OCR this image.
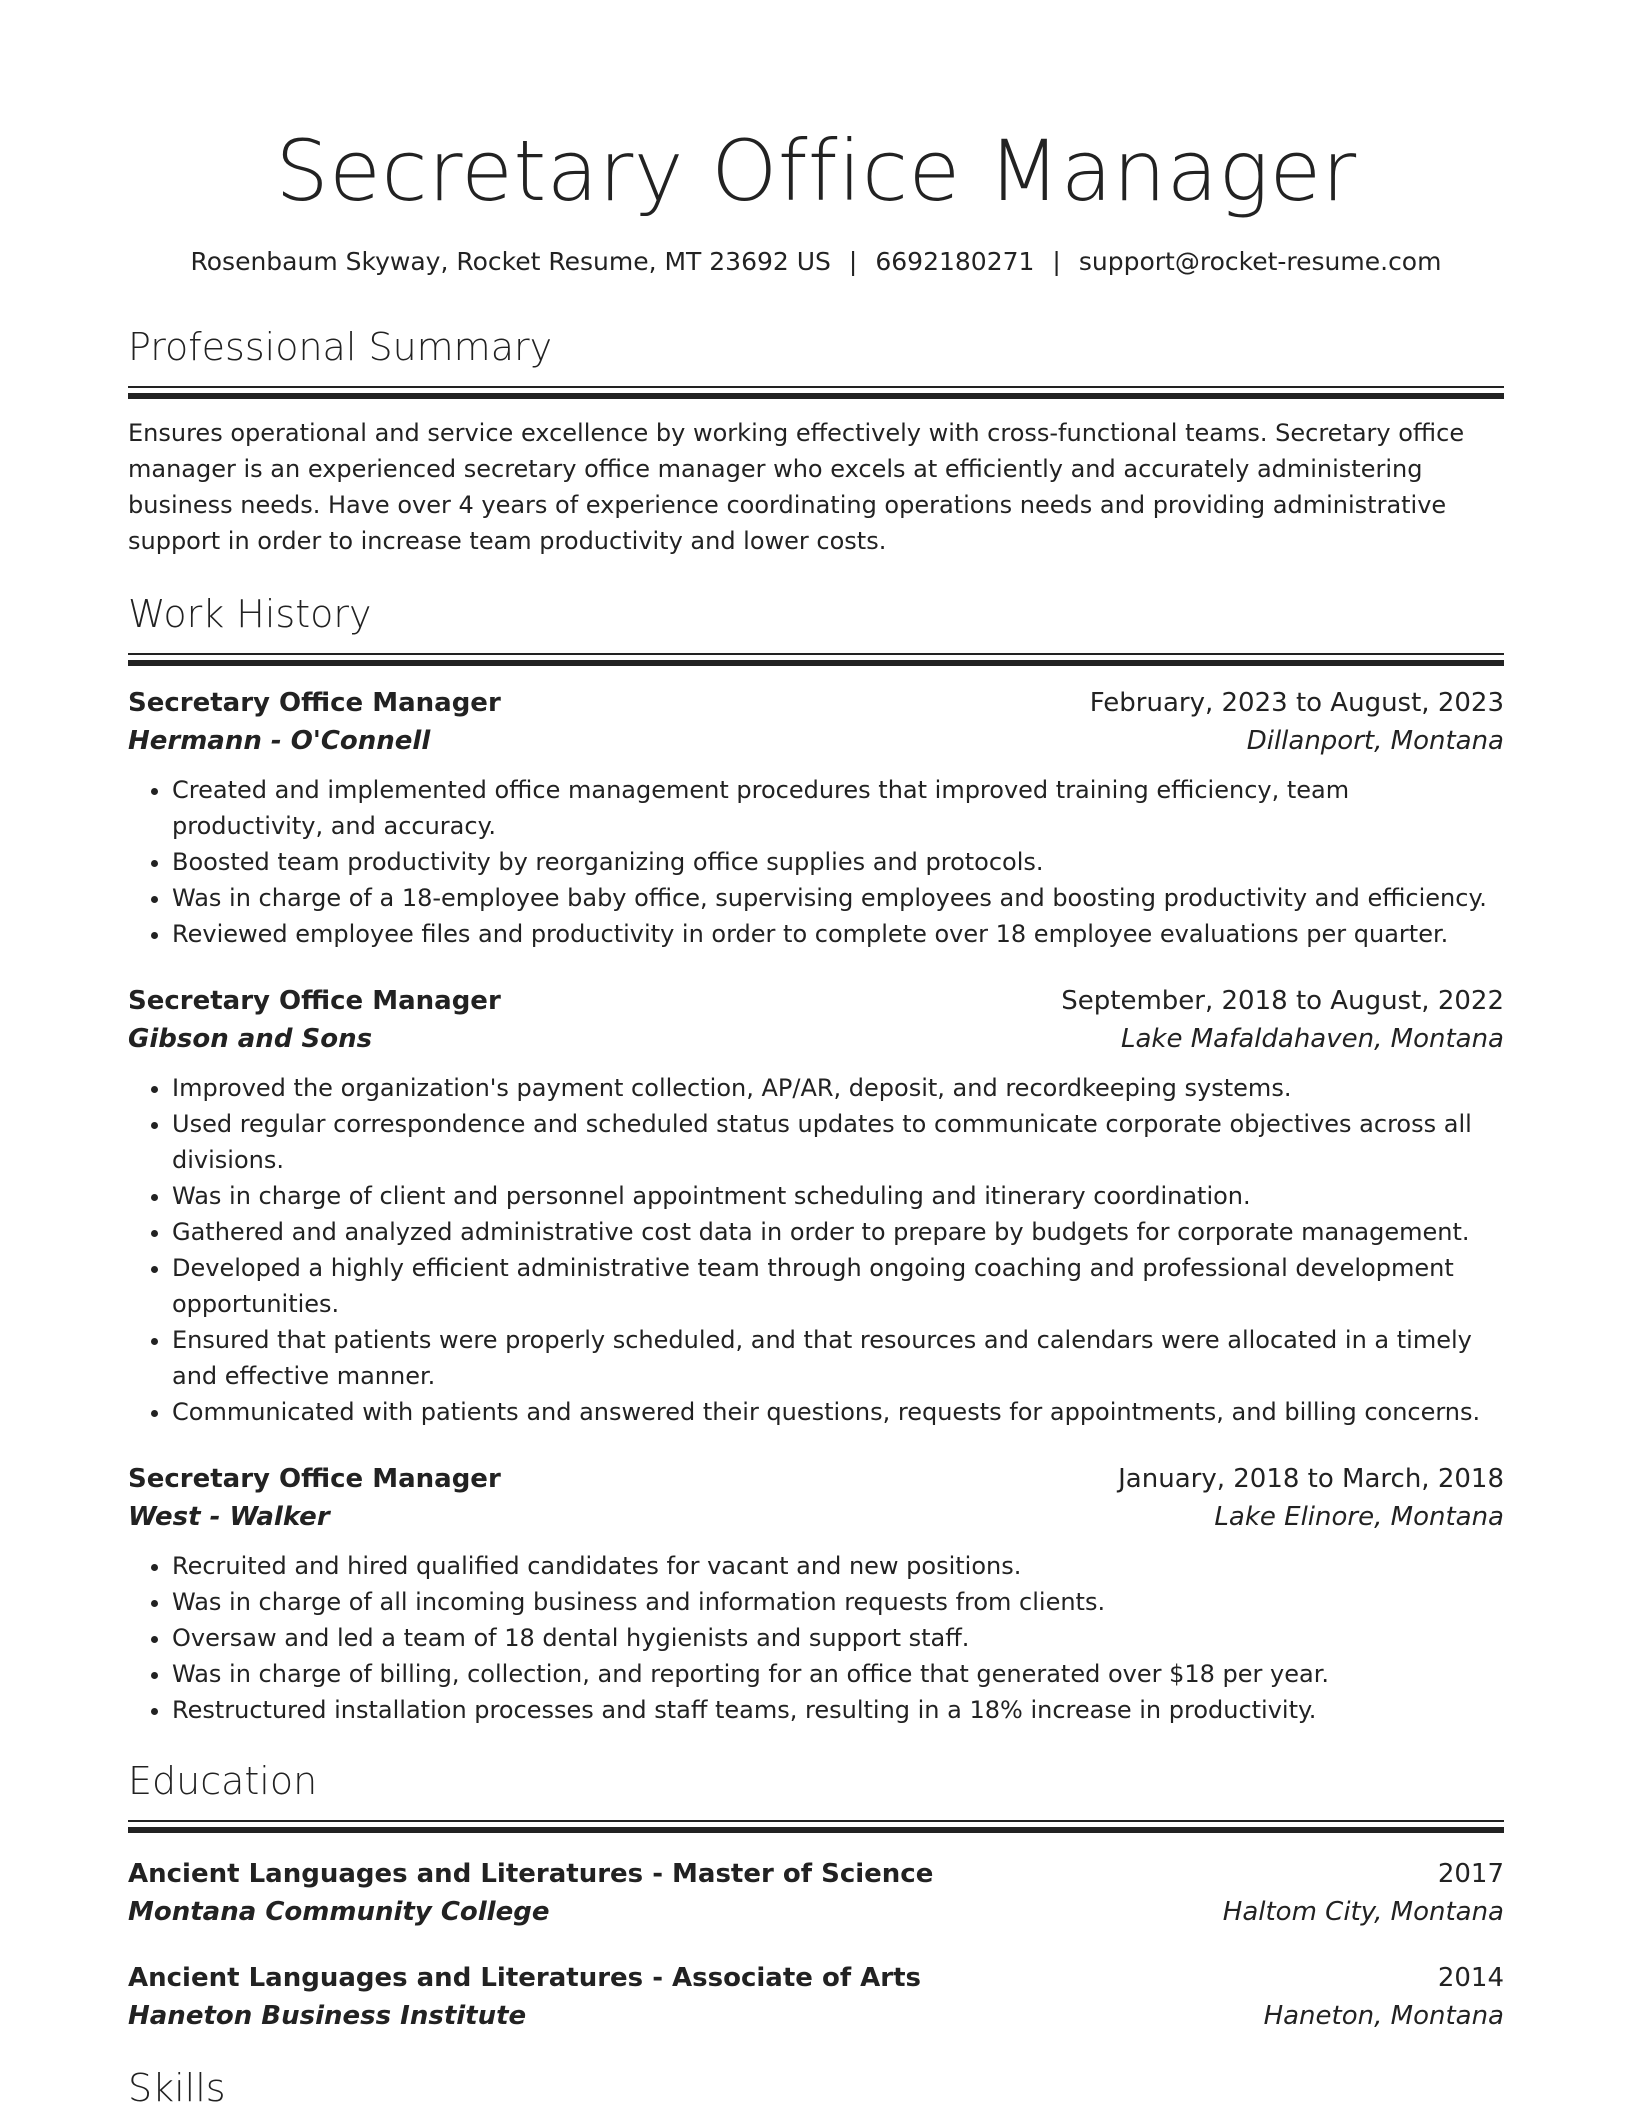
Secretary Office Manager
Rosenbaum Skyway, Rocket Resume, MT 23692 US | 6692180271 | support@rocket-resume.com
Professional Summary

Ensures operational and service excellence by working effectively with cross-functional teams. Secretary office manager is an experienced secretary office manager who excels at efficiently and accurately administering business needs. Have over 4 years of experience coordinating operations needs and providing administrative support in order to increase team productivity and lower costs.

Work History
Secretary Office Manager	February, 2023 to August, 2023
Hermann - O'Connell	Dillanport, Montana
• Created and implemented office management procedures that improved training efficiency, team productivity, and accuracy.
• Boosted team productivity by reorganizing office supplies and protocols.
• Was in charge of a 18-employee baby office, supervising employees and boosting productivity and efficiency.
• Reviewed employee files and productivity in order to complete over 18 employee evaluations per quarter.
Secretary Office Manager	September, 2018 to August, 2022
Gibson and Sons	Lake Mafaldahaven, Montana
• Improved the organization's payment collection, AP/AR, deposit, and recordkeeping systems.
• Used regular correspondence and scheduled status updates to communicate corporate objectives across all divisions.
• Was in charge of client and personnel appointment scheduling and itinerary coordination.
• Gathered and analyzed administrative cost data in order to prepare by budgets for corporate management.
• Developed a highly efficient administrative team through ongoing coaching and professional development opportunities.
• Ensured that patients were properly scheduled, and that resources and calendars were allocated in a timely and effective manner.
• Communicated with patients and answered their questions, requests for appointments, and billing concerns.
Secretary Office Manager	January, 2018 to March, 2018
West - Walker	Lake Elinore, Montana
• Recruited and hired qualified candidates for vacant and new positions.
• Was in charge of all incoming business and information requests from clients.
• Oversaw and led a team of 18 dental hygienists and support staff.
• Was in charge of billing, collection, and reporting for an office that generated over $18 per year.
• Restructured installation processes and staff teams, resulting in a 18% increase in productivity.
Education
Ancient Languages and Literatures - Master of Science	2017
Montana Community College	Haltom City, Montana
Ancient Languages and Literatures - Associate of Arts	2014
Haneton Business Institute	Haneton, Montana
Skills
